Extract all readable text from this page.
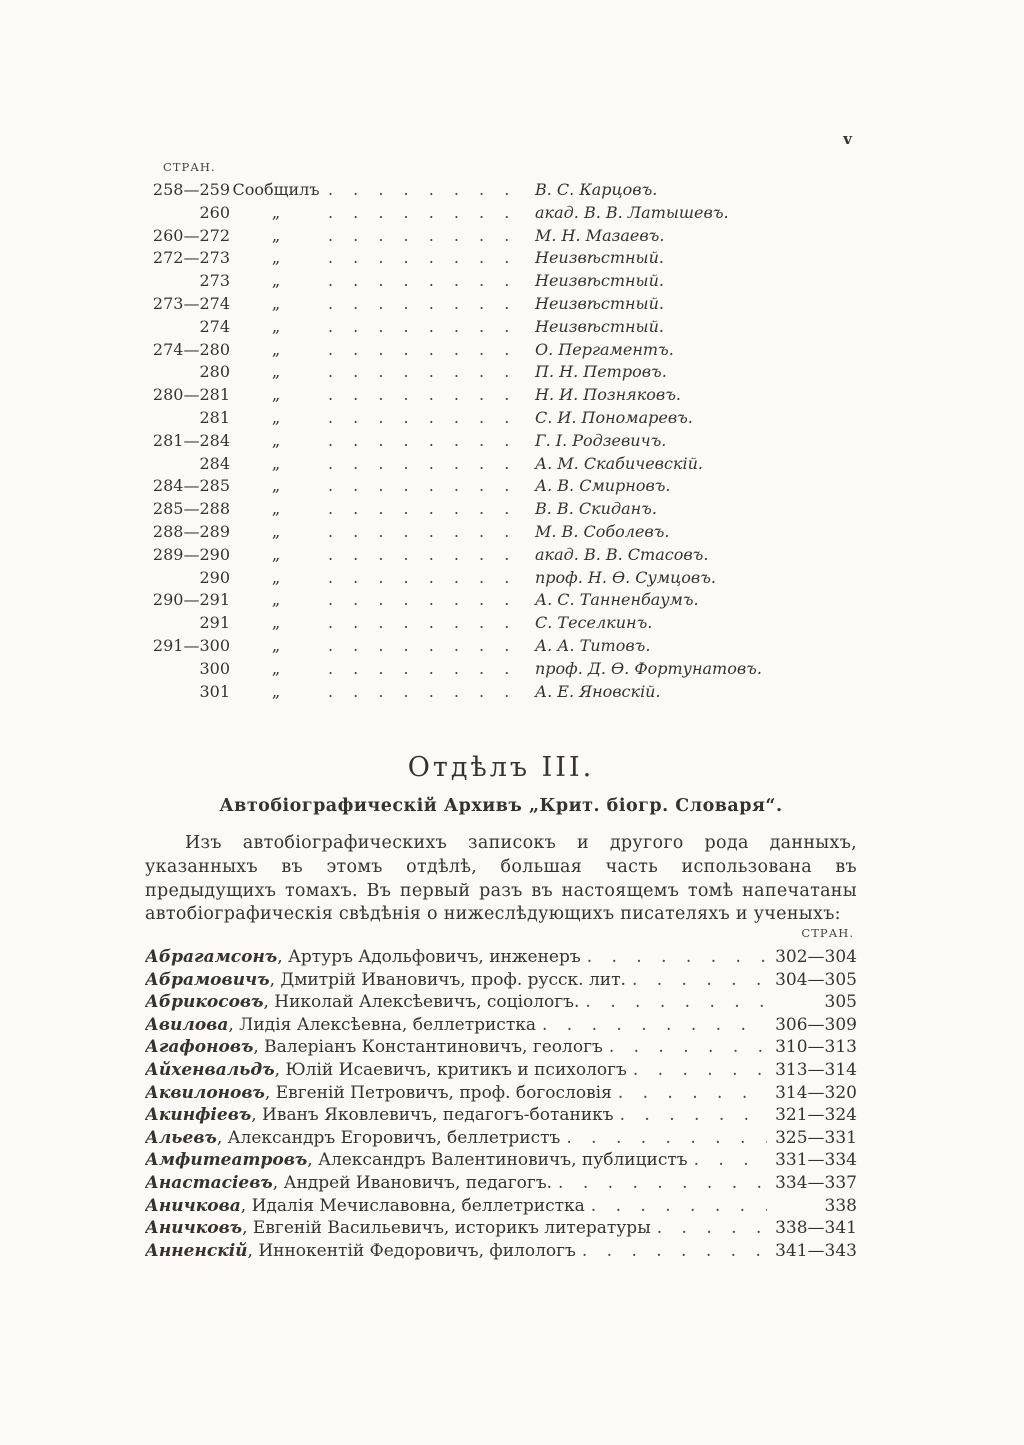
v
СТРАН.
258—259 Сообщилъ . . .	В. С. Карцовъ.
260	„ . . .	акад. В. В. Латышевъ.
260—272	„ . . .	М. Н. Мазаевъ.
272—273	„ . . .	Неизвѣстный.
273	„ . . .	Неизвѣстный.
273—274	„ . . .	Неизвѣстный.
274	„ . . .	Неизвѣстный.
274—280	„ . . .	О. Пергаментъ.
280	„ . . .	П. Н. Петровъ.
280—281	„ . . .	Н. И. Позняковъ.
281	„ . . .	С. И. Пономаревъ.
281—284	„ . . .	Г. І. Родзевичъ.
284	„ . . .	А. М. Скабичевскій.
284—285	„ . . .	А. В. Смирновъ.
285—288	„ . . .	В. В. Скиданъ.
288—289	„ . . .	М. В. Соболевъ.
289—290	„ . . .	акад. В. В. Стасовъ.
290	„ . . .	проф. Н. Ѳ. Сумцовъ.
290—291	„ . . .	А. С. Танненбаумъ.
291	„ . . .	С. Теселкинъ.
291—300	„ . . .	А. А. Титовъ.
300	„ . . .	проф. Д. Ѳ. Фортунатовъ.
301	„ . . .	А. Е. Яновскій.
Отдѣлъ III.
Автобіографическій Архивъ „Крит. біогр. Словаря“.

Изъ автобіографическихъ записокъ и другого рода данныхъ, указанныхъ въ этомъ отдѣлѣ, большая часть использована въ предыдущихъ томахъ. Въ первый разъ въ настоящемъ томѣ напечатаны автобіографическія свѣдѣнія о нижеслѣдующихъ писателяхъ и ученыхъ:

СТРАН.
Абрагамсонъ, Артуръ Адольфовичъ, инженеръ . . .	302—304
Абрамовичъ, Дмитрій Ивановичъ, проф. русск. лит. . . .	304—305
Абрикосовъ, Николай Алексѣевичъ, соціологъ. . . .	305
Авилова, Лидія Алексѣевна, беллетристка . . .	306—309
Агафоновъ, Валеріанъ Константиновичъ, геологъ . . .	310—313
Айхенвальдъ, Юлій Исаевичъ, критикъ и психологъ . . .	313—314
Аквилоновъ, Евгеній Петровичъ, проф. богословія . . .	314—320
Акинфіевъ, Иванъ Яковлевичъ, педагогъ-ботаникъ . . .	321—324
Альевъ, Александръ Егоровичъ, беллетристъ . . .	325—331
Амфитеатровъ, Александръ Валентиновичъ, публицистъ . . .	331—334
Анастасіевъ, Андрей Ивановичъ, педагогъ. . . .	334—337
Аничкова, Идалія Мечиславовна, беллетристка . . .	338
Аничковъ, Евгеній Васильевичъ, историкъ литературы . . .	338—341
Анненскій, Иннокентій Федоровичъ, филологъ . . .	341—343
